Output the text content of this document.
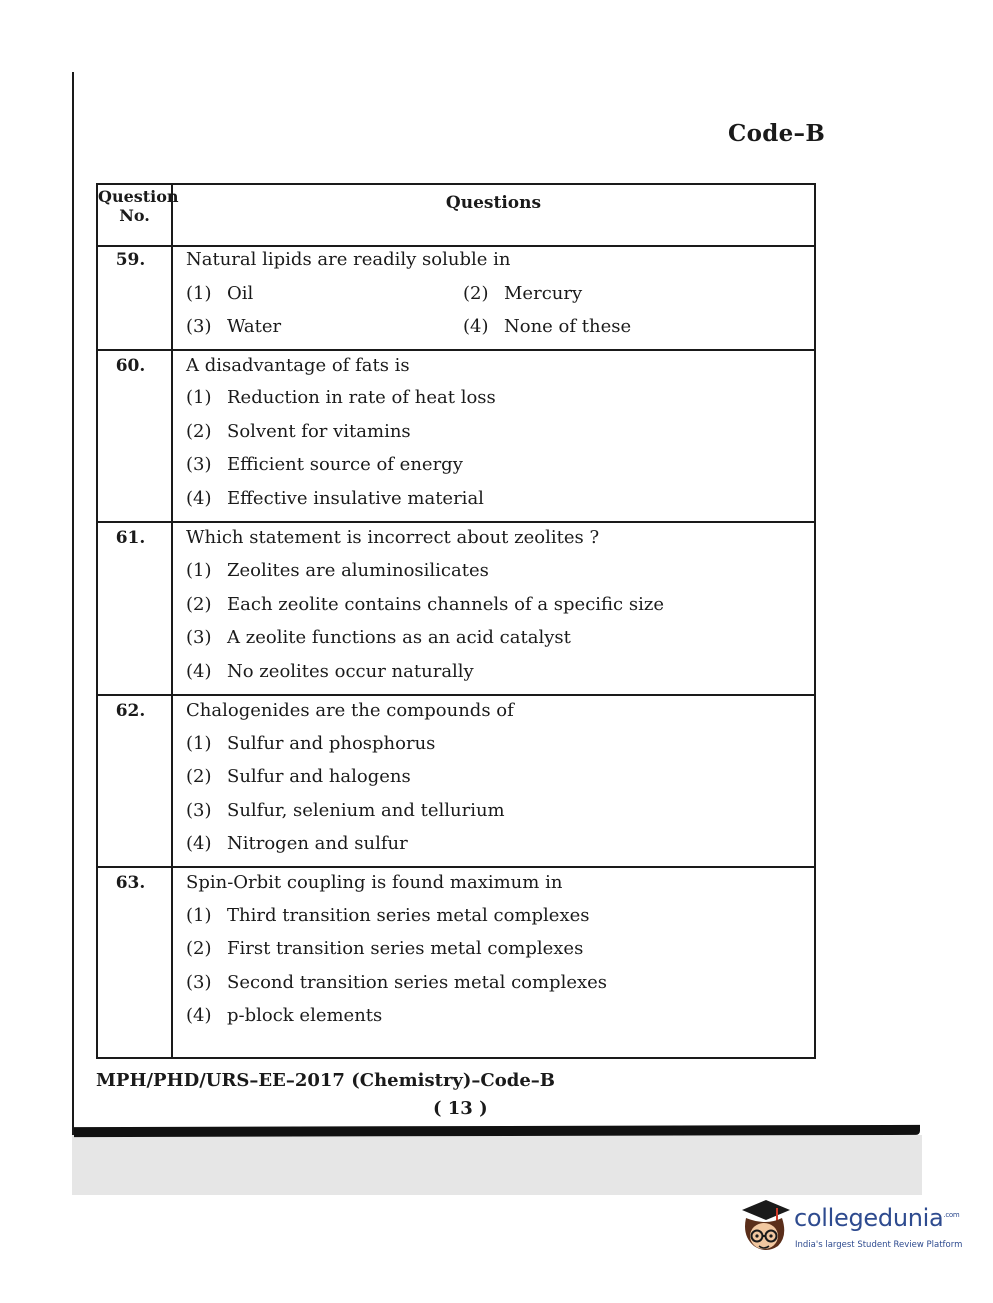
Code–B
Question
No.
Questions
59.	Natural lipids are readily soluble in
(1) Oil	(2) Mercury
(3) Water	(4) None of these
60.	A disadvantage of fats is
(1) Reduction in rate of heat loss
(2) Solvent for vitamins
(3) Efficient source of energy
(4) Effective insulative material
61.	Which statement is incorrect about zeolites ?
(1) Zeolites are aluminosilicates
(2) Each zeolite contains channels of a specific size
(3) A zeolite functions as an acid catalyst
(4) No zeolites occur naturally
62.	Chalogenides are the compounds of
(1) Sulfur and phosphorus
(2) Sulfur and halogens
(3) Sulfur, selenium and tellurium
(4) Nitrogen and sulfur
63.	Spin-Orbit coupling is found maximum in
(1) Third transition series metal complexes
(2) First transition series metal complexes
(3) Second transition series metal complexes
(4) p-block elements
MPH/PHD/URS–EE–2017 (Chemistry)–Code–B
( 13 )
collegedunia$^{.com}$
India's largest Student Review Platform
